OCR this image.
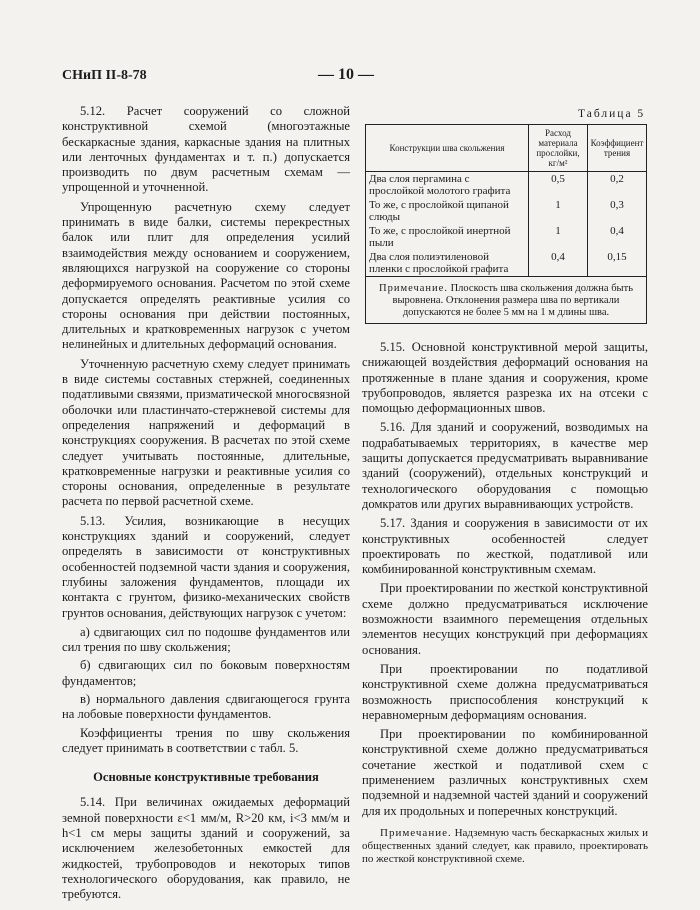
СНиП II-8-78	— 10 —

5.12. Расчет сооружений со сложной конструктивной схемой (многоэтажные бескаркасные здания, каркасные здания на плитных или ленточных фундаментах и т. п.) допускается производить по двум расчетным схемам — упрощенной и уточненной.

Упрощенную расчетную схему следует принимать в виде балки, системы перекрестных балок или плит для определения усилий взаимодействия между основанием и сооружением, являющихся нагрузкой на сооружение со стороны деформируемого основания. Расчетом по этой схеме допускается определять реактивные усилия со стороны основания при действии постоянных, длительных и кратковременных нагрузок с учетом нелинейных и длительных деформаций основания.

Уточненную расчетную схему следует принимать в виде системы составных стержней, соединенных податливыми связями, призматической многосвязной оболочки или пластинчато-стержневой системы для определения напряжений и деформаций в конструкциях сооружения. В расчетах по этой схеме следует учитывать постоянные, длительные, кратковременные нагрузки и реактивные усилия со стороны основания, определенные в результате расчета по первой расчетной схеме.

5.13. Усилия, возникающие в несущих конструкциях зданий и сооружений, следует определять в зависимости от конструктивных особенностей подземной части здания и сооружения, глубины заложения фундаментов, площади их контакта с грунтом, физико-механических свойств грунтов основания, действующих нагрузок с учетом:

а) сдвигающих сил по подошве фундаментов или сил трения по шву скольжения;

б) сдвигающих сил по боковым поверхностям фундаментов;

в) нормального давления сдвигающегося грунта на лобовые поверхности фундаментов.

Коэффициенты трения по шву скольжения следует принимать в соответствии с табл. 5.

Основные конструктивные требования

5.14. При величинах ожидаемых деформаций земной поверхности ε<1 мм/м, R>20 км, i<3 мм/м и h<1 см меры защиты зданий и сооружений, за исключением железобетонных емкостей для жидкостей, трубопроводов и некоторых типов технологического оборудования, как правило, не требуются.

Таблица 5
Конструкции шва скольжения	Расход материала прослойки, кг/м²	Коэффициент трения
Два слоя пергамина с прослойкой молотого графита	0,5	0,2
То же, с прослойкой щипаной слюды	1	0,3
То же, с прослойкой инертной пыли	1	0,4
Два слоя полиэтиленовой пленки с прослойкой графита	0,4	0,15
Примечание. Плоскость шва скольжения должна быть выровнена. Отклонения размера шва по вертикали допускаются не более 5 мм на 1 м длины шва.		

5.15. Основной конструктивной мерой защиты, снижающей воздействия деформаций основания на протяженные в плане здания и сооружения, кроме трубопроводов, является разрезка их на отсеки с помощью деформационных швов.

5.16. Для зданий и сооружений, возводимых на подрабатываемых территориях, в качестве мер защиты допускается предусматривать выравнивание зданий (сооружений), отдельных конструкций и технологического оборудования с помощью домкратов или других выравнивающих устройств.

5.17. Здания и сооружения в зависимости от их конструктивных особенностей следует проектировать по жесткой, податливой или комбинированной конструктивным схемам.

При проектировании по жесткой конструктивной схеме должно предусматриваться исключение возможности взаимного перемещения отдельных элементов несущих конструкций при деформациях основания.

При проектировании по податливой конструктивной схеме должна предусматриваться возможность приспособления конструкций к неравномерным деформациям основания.

При проектировании по комбинированной конструктивной схеме должно предусматриваться сочетание жесткой и податливой схем с применением различных конструктивных схем подземной и надземной частей зданий и сооружений для их продольных и поперечных конструкций.

Примечание. Надземную часть бескаркасных жилых и общественных зданий следует, как правило, проектировать по жесткой конструктивной схеме.
